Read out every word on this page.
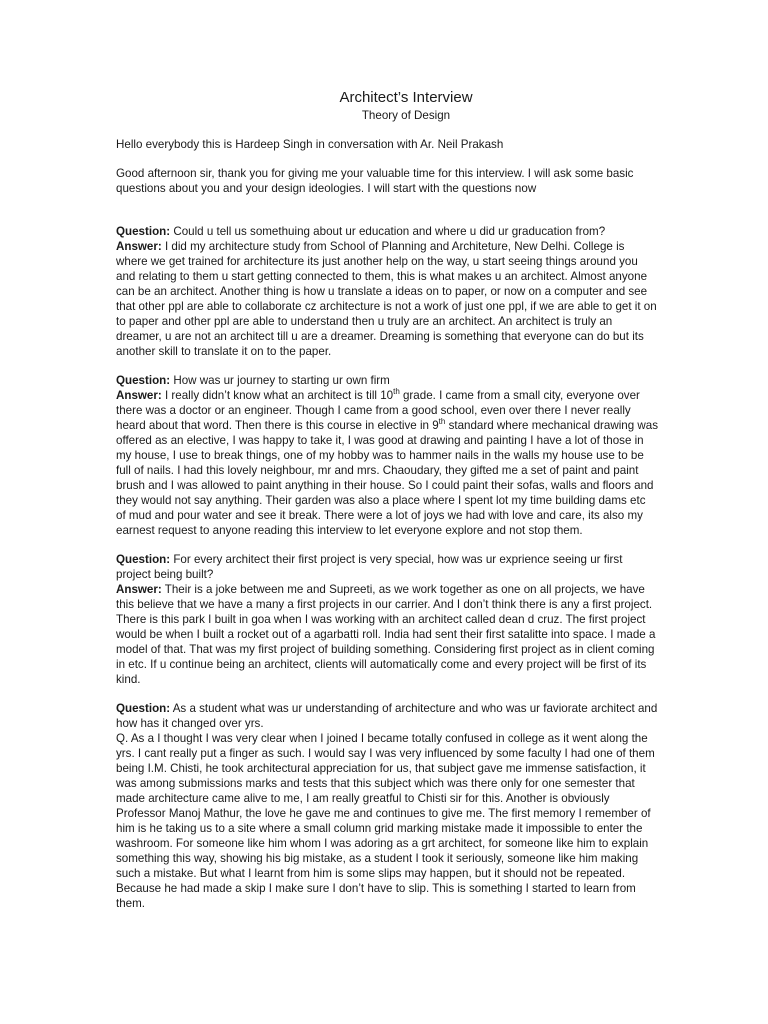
Architect’s Interview
Theory of Design

Hello everybody this is Hardeep Singh in conversation with Ar. Neil Prakash

Good afternoon sir, thank you for giving me your valuable time for this interview. I will ask some basic questions about you and your design ideologies. I will start with the questions now

Question: Could u tell us somethuing about ur education and where u did ur graducation from?
Answer: I did my architecture study from School of Planning and Architeture, New Delhi. College is where we get trained for architecture its just another help on the way, u start seeing things around you and relating to them u start getting connected to them, this is what makes u an architect. Almost anyone can be an architect. Another thing is how u translate a ideas on to paper, or now on a computer and see that other ppl are able to collaborate cz architecture is not a work of just one ppl, if we are able to get it on to paper and other ppl are able to understand then u truly are an architect. An architect is truly an dreamer, u are not an architect till u are a dreamer. Dreaming is something that everyone can do but its another skill to translate it on to the paper.

Question: How was ur journey to starting ur own firm
Answer: I really didn’t know what an architect is till 10th grade. I came from a small city, everyone over there was a doctor or an engineer. Though I came from a good school, even over there I never really heard about that word. Then there is this course in elective in 9th standard where mechanical drawing was offered as an elective, I was happy to take it, I was good at drawing and painting I have a lot of those in my house, I use to break things, one of my hobby was to hammer nails in the walls my house use to be full of nails. I had this lovely neighbour, mr and mrs. Chaoudary, they gifted me a set of paint and paint brush and I was allowed to paint anything in their house. So I could paint their sofas, walls and floors and they would not say anything. Their garden was also a place where I spent lot my time building dams etc of mud and pour water and see it break. There were a lot of joys we had with love and care, its also my earnest request to anyone reading this interview to let everyone explore and not stop them.

Question: For every architect their first project is very special, how was ur exprience seeing ur first project being built?
Answer: Their is a joke between me and Supreeti, as we work together as one on all projects, we have this believe that we have a many a first projects in our carrier. And I don’t think there is any a first project. There is this park I built in goa when I was working with an architect called dean d cruz. The first project would be when I built a rocket out of a agarbatti roll. India had sent their first satalitte into space. I made a model of that. That was my first project of building something. Considering first project as in client coming in etc. If u continue being an architect, clients will automatically come and every project will be first of its kind.

Question: As a student what was ur understanding of architecture and who was ur faviorate architect and how has it changed over yrs.
Q. As a I thought I was very clear when I joined I became totally confused in college as it went along the yrs. I cant really put a finger as such. I would say I was very influenced by some faculty I had one of them being I.M. Chisti, he took architectural appreciation for us, that subject gave me immense satisfaction, it was among submissions marks and tests that this subject which was there only for one semester that made architecture came alive to me, I am really greatful to Chisti sir for this. Another is obviously Professor Manoj Mathur, the love he gave me and continues to give me. The first memory I remember of him is he taking us to a site where a small column grid marking mistake made it impossible to enter the washroom. For someone like him whom I was adoring as a grt architect, for someone like him to explain something this way, showing his big mistake, as a student I took it seriously, someone like him making such a mistake. But what I learnt from him is some slips may happen, but it should not be repeated. Because he had made a skip I make sure I don’t have to slip. This is something I started to learn from them.
